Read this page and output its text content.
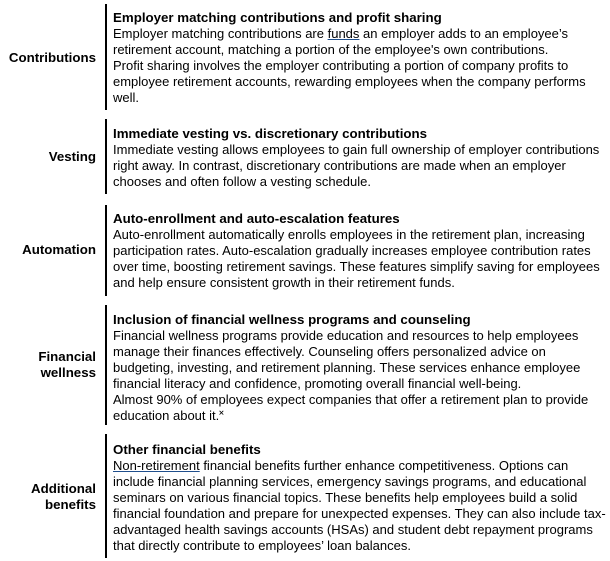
Contributions
Employer matching contributions and profit sharing

Employer matching contributions are funds an employer adds to an employee’s retirement account, matching a portion of the employee's own contributions.

Profit sharing involves the employer contributing a portion of company profits to employee retirement accounts, rewarding employees when the company performs well.

Vesting
Immediate vesting vs. discretionary contributions

Immediate vesting allows employees to gain full ownership of employer contributions right away. In contrast, discretionary contributions are made when an employer chooses and often follow a vesting schedule.

Automation
Auto-enrollment and auto-escalation features

Auto-enrollment automatically enrolls employees in the retirement plan, increasing participation rates. Auto-escalation gradually increases employee contribution rates over time, boosting retirement savings. These features simplify saving for employees and help ensure consistent growth in their retirement funds.

Financial
wellness
Inclusion of financial wellness programs and counseling

Financial wellness programs provide education and resources to help employees manage their finances effectively. Counseling offers personalized advice on budgeting, investing, and retirement planning. These services enhance employee financial literacy and confidence, promoting overall financial well-being.

Almost 90% of employees expect companies that offer a retirement plan to provide education about it.˟

Additional
benefits
Other financial benefits

Non-retirement financial benefits further enhance competitiveness. Options can include financial planning services, emergency savings programs, and educational seminars on various financial topics. These benefits help employees build a solid financial foundation and prepare for unexpected expenses. They can also include tax-advantaged health savings accounts (HSAs) and student debt repayment programs that directly contribute to employees’ loan balances.
